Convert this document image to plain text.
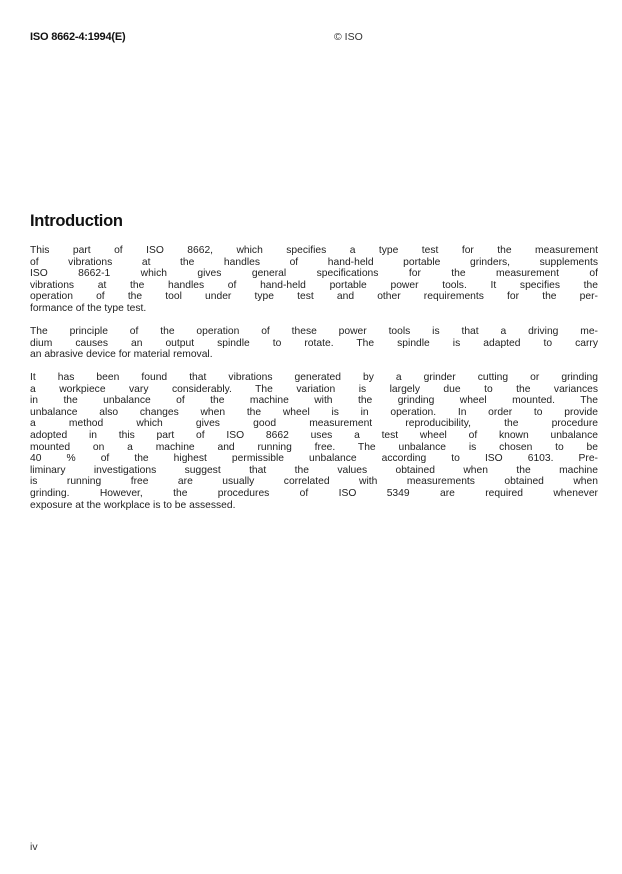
ISO 8662-4:1994(E)	© ISO
Introduction

This part of ISO 8662, which specifies a type test for the measurement
of vibrations at the handles of hand-held portable grinders, supplements
ISO 8662-1 which gives general specifications for the measurement of
vibrations at the handles of hand-held portable power tools. It specifies the
operation of the tool under type test and other requirements for the per-
formance of the type test.

The principle of the operation of these power tools is that a driving me-
dium causes an output spindle to rotate. The spindle is adapted to carry
an abrasive device for material removal.

It has been found that vibrations generated by a grinder cutting or grinding
a workpiece vary considerably. The variation is largely due to the variances
in the unbalance of the machine with the grinding wheel mounted. The
unbalance also changes when the wheel is in operation. In order to provide
a method which gives good measurement reproducibility, the procedure
adopted in this part of ISO 8662 uses a test wheel of known unbalance
mounted on a machine and running free. The unbalance is chosen to be
40 % of the highest permissible unbalance according to ISO 6103. Pre-
liminary investigations suggest that the values obtained when the machine
is running free are usually correlated with measurements obtained when
grinding. However, the procedures of ISO 5349 are required whenever
exposure at the workplace is to be assessed.

iv
